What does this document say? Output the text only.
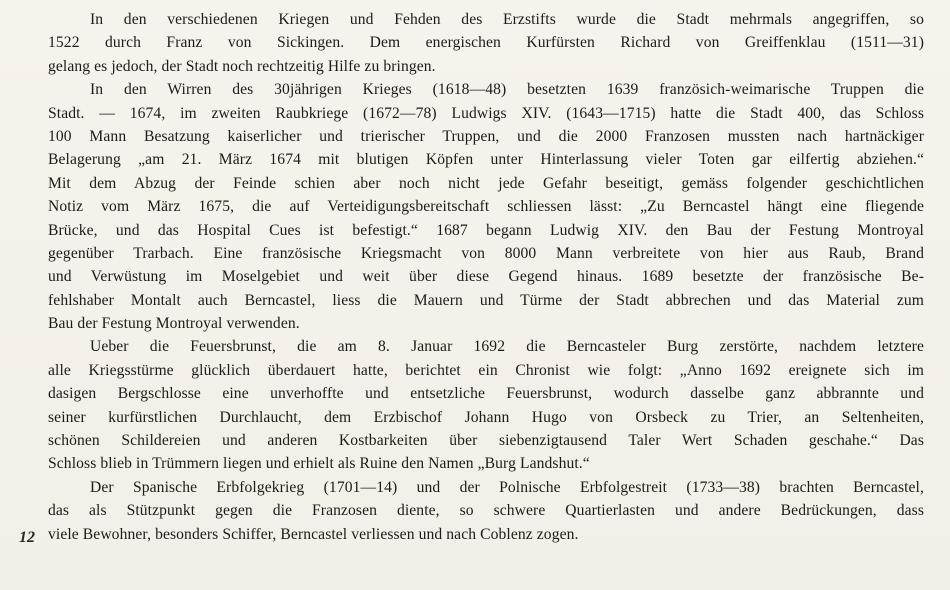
In den verschiedenen Kriegen und Fehden des Erzstifts wurde die Stadt mehrmals angegriffen, so
1522 durch Franz von Sickingen. Dem energischen Kurfürsten Richard von Greiffenklau (1511—31)
gelang es jedoch, der Stadt noch rechtzeitig Hilfe zu bringen.
In den Wirren des 30jährigen Krieges (1618—48) besetzten 1639 französich-weimarische Truppen die
Stadt. — 1674, im zweiten Raubkriege (1672—78) Ludwigs XIV. (1643—1715) hatte die Stadt 400, das Schloss
100 Mann Besatzung kaiserlicher und trierischer Truppen, und die 2000 Franzosen mussten nach hartnäckiger
Belagerung „am 21. März 1674 mit blutigen Köpfen unter Hinterlassung vieler Toten gar eilfertig abziehen.“
Mit dem Abzug der Feinde schien aber noch nicht jede Gefahr beseitigt, gemäss folgender geschichtlichen
Notiz vom März 1675, die auf Verteidigungsbereitschaft schliessen lässt: „Zu Berncastel hängt eine fliegende
Brücke, und das Hospital Cues ist befestigt.“ 1687 begann Ludwig XIV. den Bau der Festung Montroyal
gegenüber Trarbach. Eine französische Kriegsmacht von 8000 Mann verbreitete von hier aus Raub, Brand
und Verwüstung im Moselgebiet und weit über diese Gegend hinaus. 1689 besetzte der französische Be-
fehlshaber Montalt auch Berncastel, liess die Mauern und Türme der Stadt abbrechen und das Material zum
Bau der Festung Montroyal verwenden.
Ueber die Feuersbrunst, die am 8. Januar 1692 die Berncasteler Burg zerstörte, nachdem letztere
alle Kriegsstürme glücklich überdauert hatte, berichtet ein Chronist wie folgt: „Anno 1692 ereignete sich im
dasigen Bergschlosse eine unverhoffte und entsetzliche Feuersbrunst, wodurch dasselbe ganz abbrannte und
seiner kurfürstlichen Durchlaucht, dem Erzbischof Johann Hugo von Orsbeck zu Trier, an Seltenheiten,
schönen Schildereien und anderen Kostbarkeiten über siebenzigtausend Taler Wert Schaden geschahe.“ Das
Schloss blieb in Trümmern liegen und erhielt als Ruine den Namen „Burg Landshut.“
Der Spanische Erbfolgekrieg (1701—14) und der Polnische Erbfolgestreit (1733—38) brachten Berncastel,
das als Stützpunkt gegen die Franzosen diente, so schwere Quartierlasten und andere Bedrückungen, dass
viele Bewohner, besonders Schiffer, Berncastel verliessen und nach Coblenz zogen.
12
